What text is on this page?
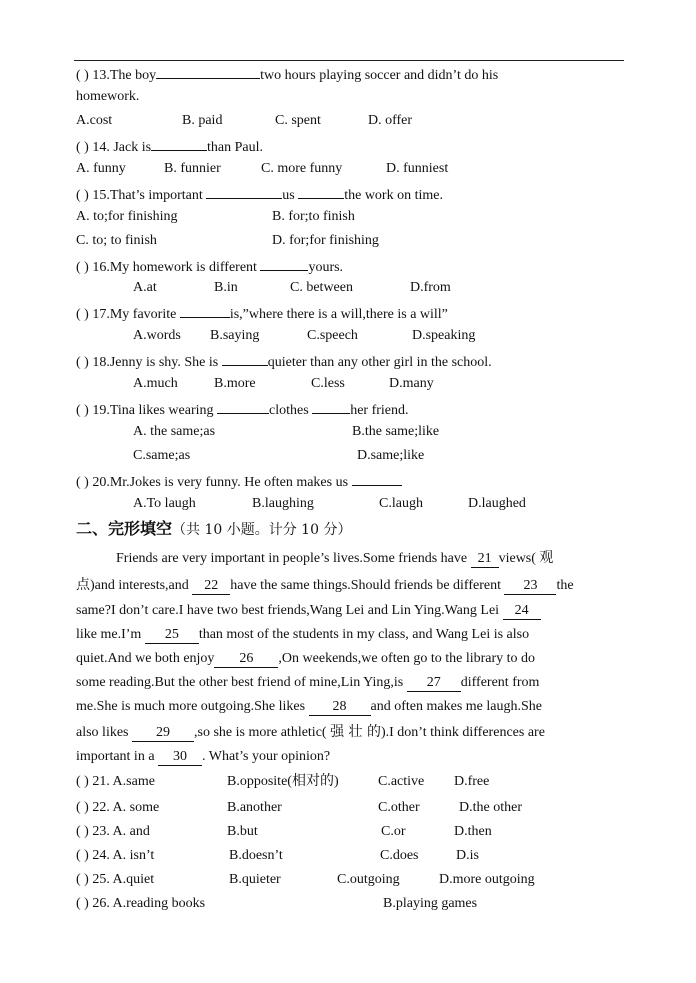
( ) 13.The boy	two hours playing soccer and didn’t do his
homework.
A.cost	B. paid	C. spent	D. offer
( ) 14. Jack is	than Paul.
A. funny	B. funnier	C. more funny	D. funniest
( ) 15.That’s important	us	the work on time.
A. to;for finishing	B. for;to finish
C. to; to finish	D. for;for finishing
( ) 16.My homework is different	yours.
A.at	B.in	C. between	D.from
( ) 17.My favorite	is,”where there is a will,there is a will”
A.words B.saying	C.speech	D.speaking
( ) 18.Jenny is shy. She is	quieter than any other girl in the school.
A.much	B.more	C.less	D.many
( ) 19.Tina likes wearing	clothes	her friend.
A. the same;as	B.the same;like
C.same;as	D.same;like
( ) 20.Mr.Jokes is very funny. He often makes us
A.To laugh	B.laughing	C.laugh	D.laughed
二、完形填空（共 10 小题。计分 10 分）
Friends are very important in people’s lives.Some friends have 21 views( 观
点)and interests,and 22 have the same things.Should friends be different 23 the
same?I don’t care.I have two best friends,Wang Lei and Lin Ying.Wang Lei 24
like me.I’m 25 than most of the students in my class, and Wang Lei is also
quiet.And we both enjoy 26 ,On weekends,we often go to the library to do
some reading.But the other best friend of mine,Lin Ying,is 27 different from
me.She is much more outgoing.She likes 28 and often makes me laugh.She
also likes 29 ,so she is more athletic( 强 壮 的).I don’t think differences are
important in a 30 . What’s your opinion?
( ) 21. A.same	B.opposite(相对的)	C.active D.free
( ) 22. A. some	B.another	C.other	D.the other
( ) 23. A. and	B.but	C.or	D.then
( ) 24. A. isn’t	B.doesn’t	C.does	D.is
( ) 25. A.quiet	B.quieter	C.outgoing	D.more outgoing
( ) 26. A.reading books	B.playing games
